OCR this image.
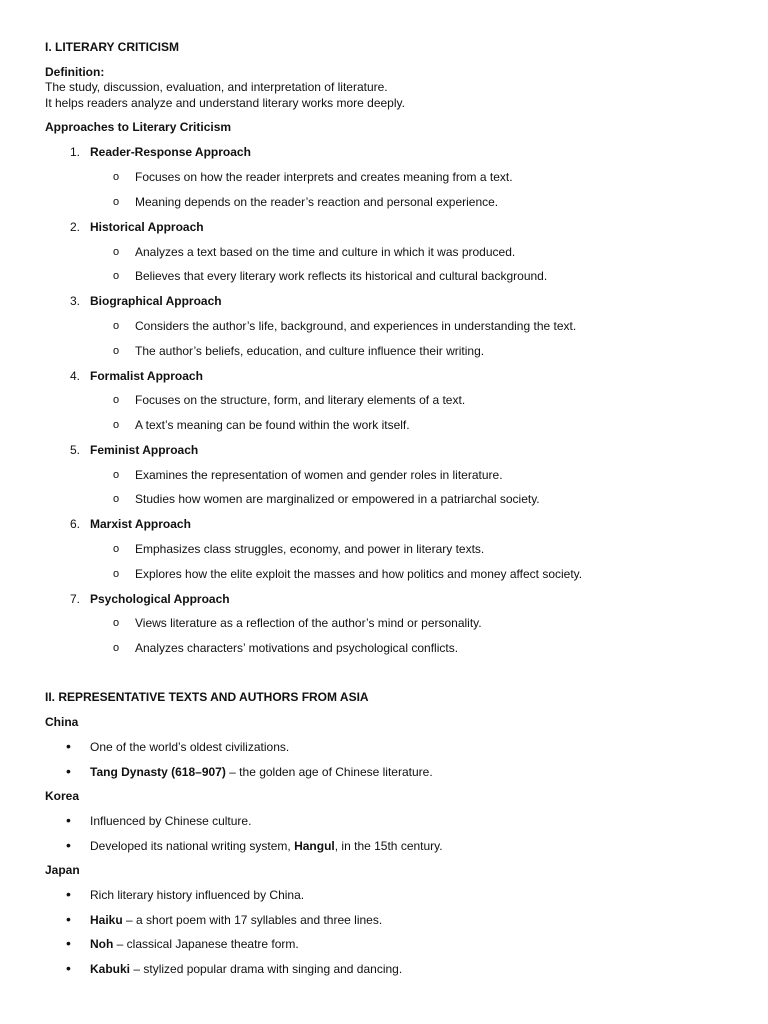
I. LITERARY CRITICISM
Definition:
The study, discussion, evaluation, and interpretation of literature.
It helps readers analyze and understand literary works more deeply.
Approaches to Literary Criticism
1. Reader-Response Approach
o Focuses on how the reader interprets and creates meaning from a text.
o Meaning depends on the reader’s reaction and personal experience.
2. Historical Approach
o Analyzes a text based on the time and culture in which it was produced.
o Believes that every literary work reflects its historical and cultural background.
3. Biographical Approach
o Considers the author’s life, background, and experiences in understanding the text.
o The author’s beliefs, education, and culture influence their writing.
4. Formalist Approach
o Focuses on the structure, form, and literary elements of a text.
o A text’s meaning can be found within the work itself.
5. Feminist Approach
o Examines the representation of women and gender roles in literature.
o Studies how women are marginalized or empowered in a patriarchal society.
6. Marxist Approach
o Emphasizes class struggles, economy, and power in literary texts.
o Explores how the elite exploit the masses and how politics and money affect society.
7. Psychological Approach
o Views literature as a reflection of the author’s mind or personality.
o Analyzes characters’ motivations and psychological conflicts.
II. REPRESENTATIVE TEXTS AND AUTHORS FROM ASIA
China
• One of the world’s oldest civilizations.
• Tang Dynasty (618–907) – the golden age of Chinese literature.
Korea
• Influenced by Chinese culture.
• Developed its national writing system, Hangul, in the 15th century.
Japan
• Rich literary history influenced by China.
• Haiku – a short poem with 17 syllables and three lines.
• Noh – classical Japanese theatre form.
• Kabuki – stylized popular drama with singing and dancing.
